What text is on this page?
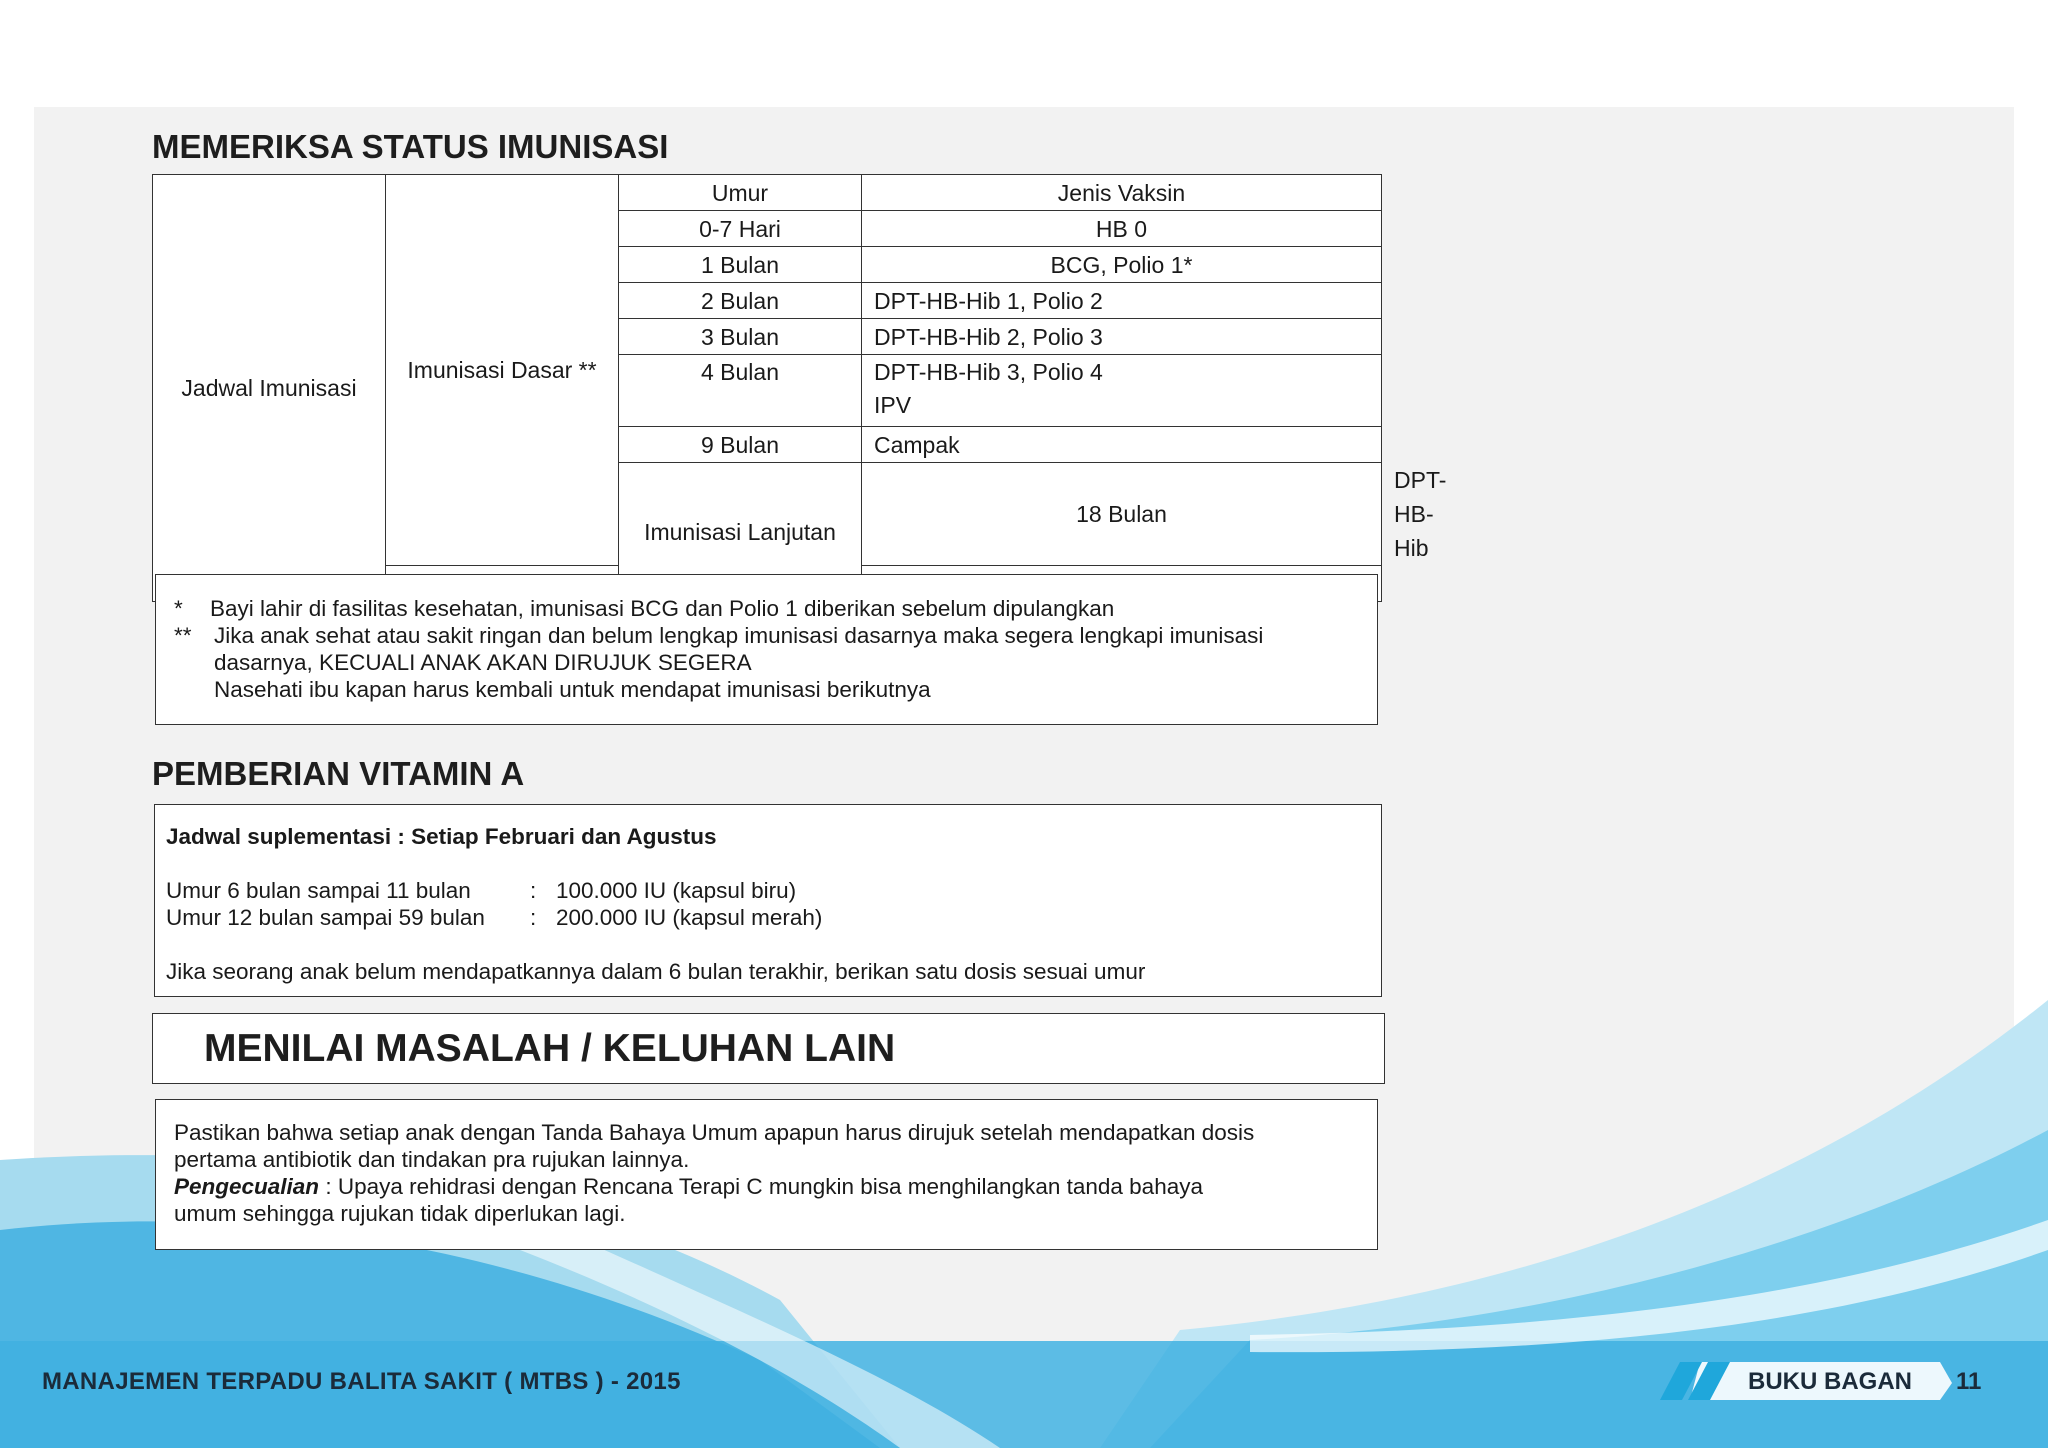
MEMERIKSA STATUS IMUNISASI
Jadwal Imunisasi	Imunisasi Dasar **	Umur	Jenis Vaksin	
		0-7 Hari	HB 0	
		1 Bulan	BCG, Polio 1*	
		2 Bulan	DPT-HB-Hib 1, Polio 2	
		3 Bulan	DPT-HB-Hib 2, Polio 3	
		4 Bulan	DPT-HB-Hib 3, Polio 4
IPV	

		9 Bulan	Campak	
		Imunisasi Lanjutan	18 Bulan	DPT-HB-Hib

*	Bayi lahir di fasilitas kesehatan, imunisasi BCG dan Polio 1 diberikan sebelum dipulangkan
** Jika anak sehat atau sakit ringan dan belum lengkap imunisasi dasarnya maka segera lengkapi imunisasi
dasarnya, KECUALI ANAK AKAN DIRUJUK SEGERA
Nasehati ibu kapan harus kembali untuk mendapat imunisasi berikutnya
PEMBERIAN VITAMIN A
Jadwal suplementasi : Setiap Februari dan Agustus
Umur 6 bulan sampai 11 bulan	: 100.000 IU (kapsul biru)
Umur 12 bulan sampai 59 bulan	: 200.000 IU (kapsul merah)
Jika seorang anak belum mendapatkannya dalam 6 bulan terakhir, berikan satu dosis sesuai umur
MENILAI MASALAH / KELUHAN LAIN
Pastikan bahwa setiap anak dengan Tanda Bahaya Umum apapun harus dirujuk setelah mendapatkan dosis
pertama antibiotik dan tindakan pra rujukan lainnya.
Pengecualian : Upaya rehidrasi dengan Rencana Terapi C mungkin bisa menghilangkan tanda bahaya
umum sehingga rujukan tidak diperlukan lagi.
MANAJEMEN TERPADU BALITA SAKIT ( MTBS ) - 2015	BUKU BAGAN 11
